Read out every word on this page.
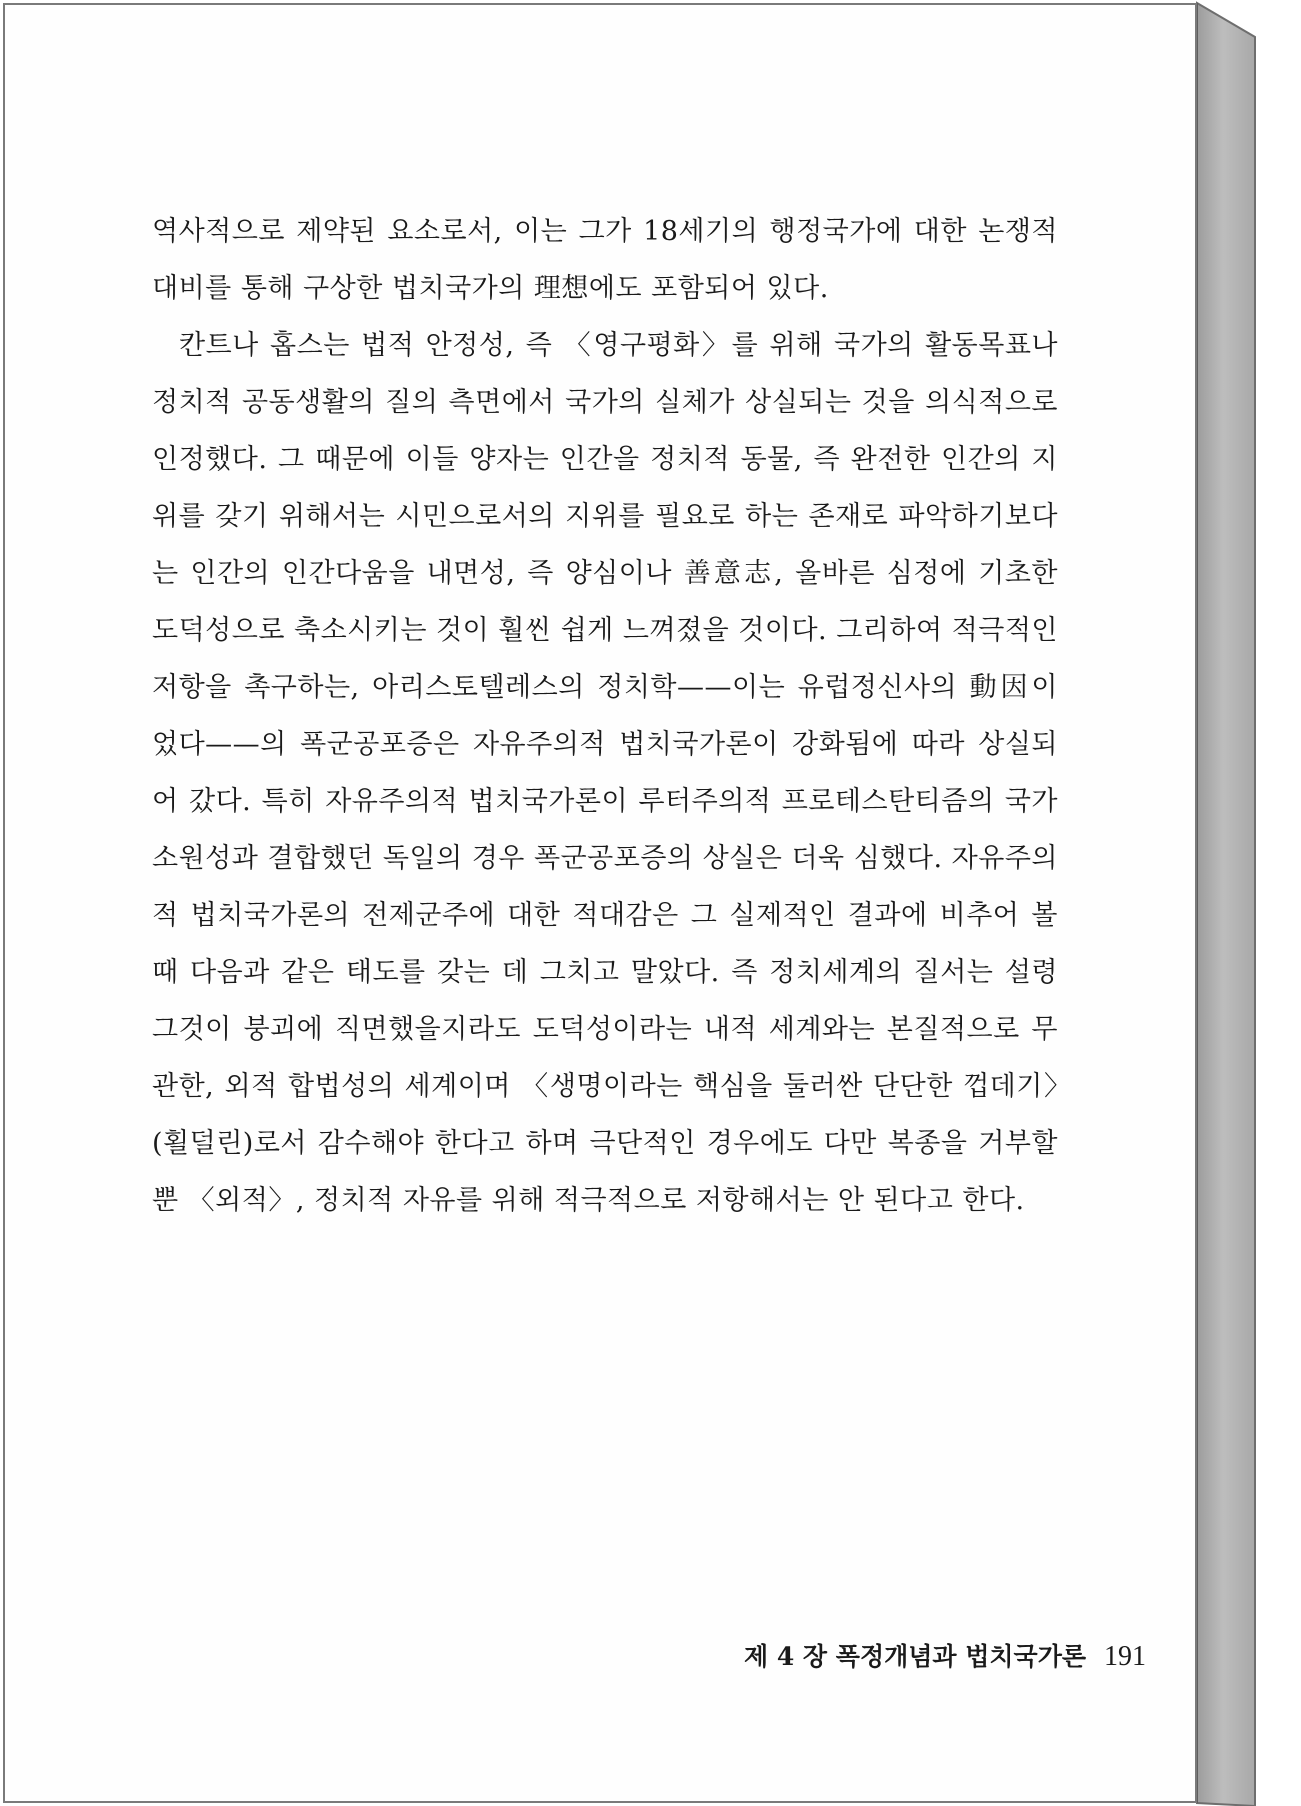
역사적으로 제약된 요소로서, 이는 그가 18세기의 행정국가에 대한 논쟁적 대비를 통해 구상한 법치국가의 理想에도 포함되어 있다.

칸트나 홉스는 법적 안정성, 즉 〈영구평화〉를 위해 국가의 활동목표나 정치적 공동생활의 질의 측면에서 국가의 실체가 상실되는 것을 의식적으로 인정했다. 그 때문에 이들 양자는 인간을 정치적 동물, 즉 완전한 인간의 지위를 갖기 위해서는 시민으로서의 지위를 필요로 하는 존재로 파악하기보다는 인간의 인간다움을 내면성, 즉 양심이나 善意志, 올바른 심정에 기초한 도덕성으로 축소시키는 것이 훨씬 쉽게 느껴졌을 것이다. 그리하여 적극적인 저항을 촉구하는, 아리스토텔레스의 정치학——이는 유럽정신사의 動因이었다——의 폭군공포증은 자유주의적 법치국가론이 강화됨에 따라 상실되어 갔다. 특히 자유주의적 법치국가론이 루터주의적 프로테스탄티즘의 국가소원성과 결합했던 독일의 경우 폭군공포증의 상실은 더욱 심했다. 자유주의적 법치국가론의 전제군주에 대한 적대감은 그 실제적인 결과에 비추어 볼 때 다음과 같은 태도를 갖는 데 그치고 말았다. 즉 정치세계의 질서는 설령 그것이 붕괴에 직면했을지라도 도덕성이라는 내적 세계와는 본질적으로 무관한, 외적 합법성의 세계이며 〈생명이라는 핵심을 둘러싼 단단한 껍데기〉(횔덜린)로서 감수해야 한다고 하며 극단적인 경우에도 다만 복종을 거부할 뿐 〈외적〉, 정치적 자유를 위해 적극적으로 저항해서는 안 된다고 한다.

제 4 장 폭정개념과 법치국가론 191
